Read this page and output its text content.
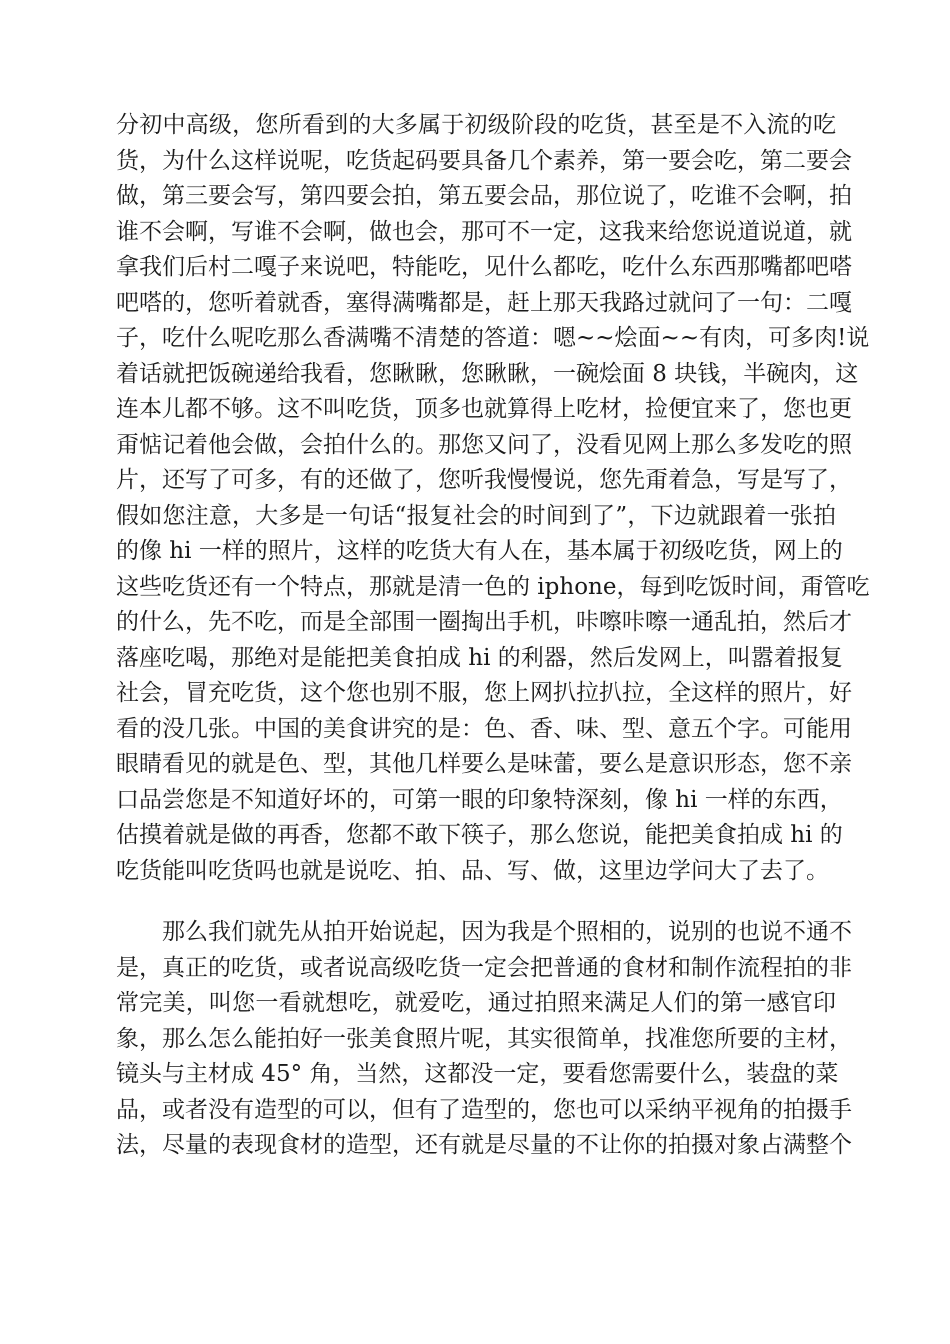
分初中高级，您所看到的大多属于初级阶段的吃货，甚至是不入流的吃
货，为什么这样说呢，吃货起码要具备几个素养，第一要会吃，第二要会
做，第三要会写，第四要会拍，第五要会品，那位说了，吃谁不会啊，拍
谁不会啊，写谁不会啊，做也会，那可不一定，这我来给您说道说道，就
拿我们后村二嘎子来说吧，特能吃，见什么都吃，吃什么东西那嘴都吧嗒
吧嗒的，您听着就香，塞得满嘴都是，赶上那天我路过就问了一句：二嘎
子，吃什么呢吃那么香满嘴不清楚的答道：嗯~~烩面~~有肉，可多肉!说
着话就把饭碗递给我看，您瞅瞅，您瞅瞅，一碗烩面 8 块钱，半碗肉，这
连本儿都不够。这不叫吃货，顶多也就算得上吃材，捡便宜来了，您也更
甭惦记着他会做，会拍什么的。那您又问了，没看见网上那么多发吃的照
片，还写了可多，有的还做了，您听我慢慢说，您先甭着急，写是写了，
假如您注意，大多是一句话“报复社会的时间到了”，下边就跟着一张拍
的像 hi 一样的照片，这样的吃货大有人在，基本属于初级吃货，网上的
这些吃货还有一个特点，那就是清一色的 iphone，每到吃饭时间，甭管吃
的什么，先不吃，而是全部围一圈掏出手机，咔嚓咔嚓一通乱拍，然后才
落座吃喝，那绝对是能把美食拍成 hi 的利器，然后发网上，叫嚣着报复
社会，冒充吃货，这个您也别不服，您上网扒拉扒拉，全这样的照片，好
看的没几张。中国的美食讲究的是：色、香、味、型、意五个字。可能用
眼睛看见的就是色、型，其他几样要么是味蕾，要么是意识形态，您不亲
口品尝您是不知道好坏的，可第一眼的印象特深刻，像 hi 一样的东西，
估摸着就是做的再香，您都不敢下筷子，那么您说，能把美食拍成 hi 的
吃货能叫吃货吗也就是说吃、拍、品、写、做，这里边学问大了去了。
那么我们就先从拍开始说起，因为我是个照相的，说别的也说不通不
是，真正的吃货，或者说高级吃货一定会把普通的食材和制作流程拍的非
常完美，叫您一看就想吃，就爱吃，通过拍照来满足人们的第一感官印
象，那么怎么能拍好一张美食照片呢，其实很简单，找准您所要的主材，
镜头与主材成 45° 角，当然，这都没一定，要看您需要什么，装盘的菜
品，或者没有造型的可以，但有了造型的，您也可以采纳平视角的拍摄手
法，尽量的表现食材的造型，还有就是尽量的不让你的拍摄对象占满整个
